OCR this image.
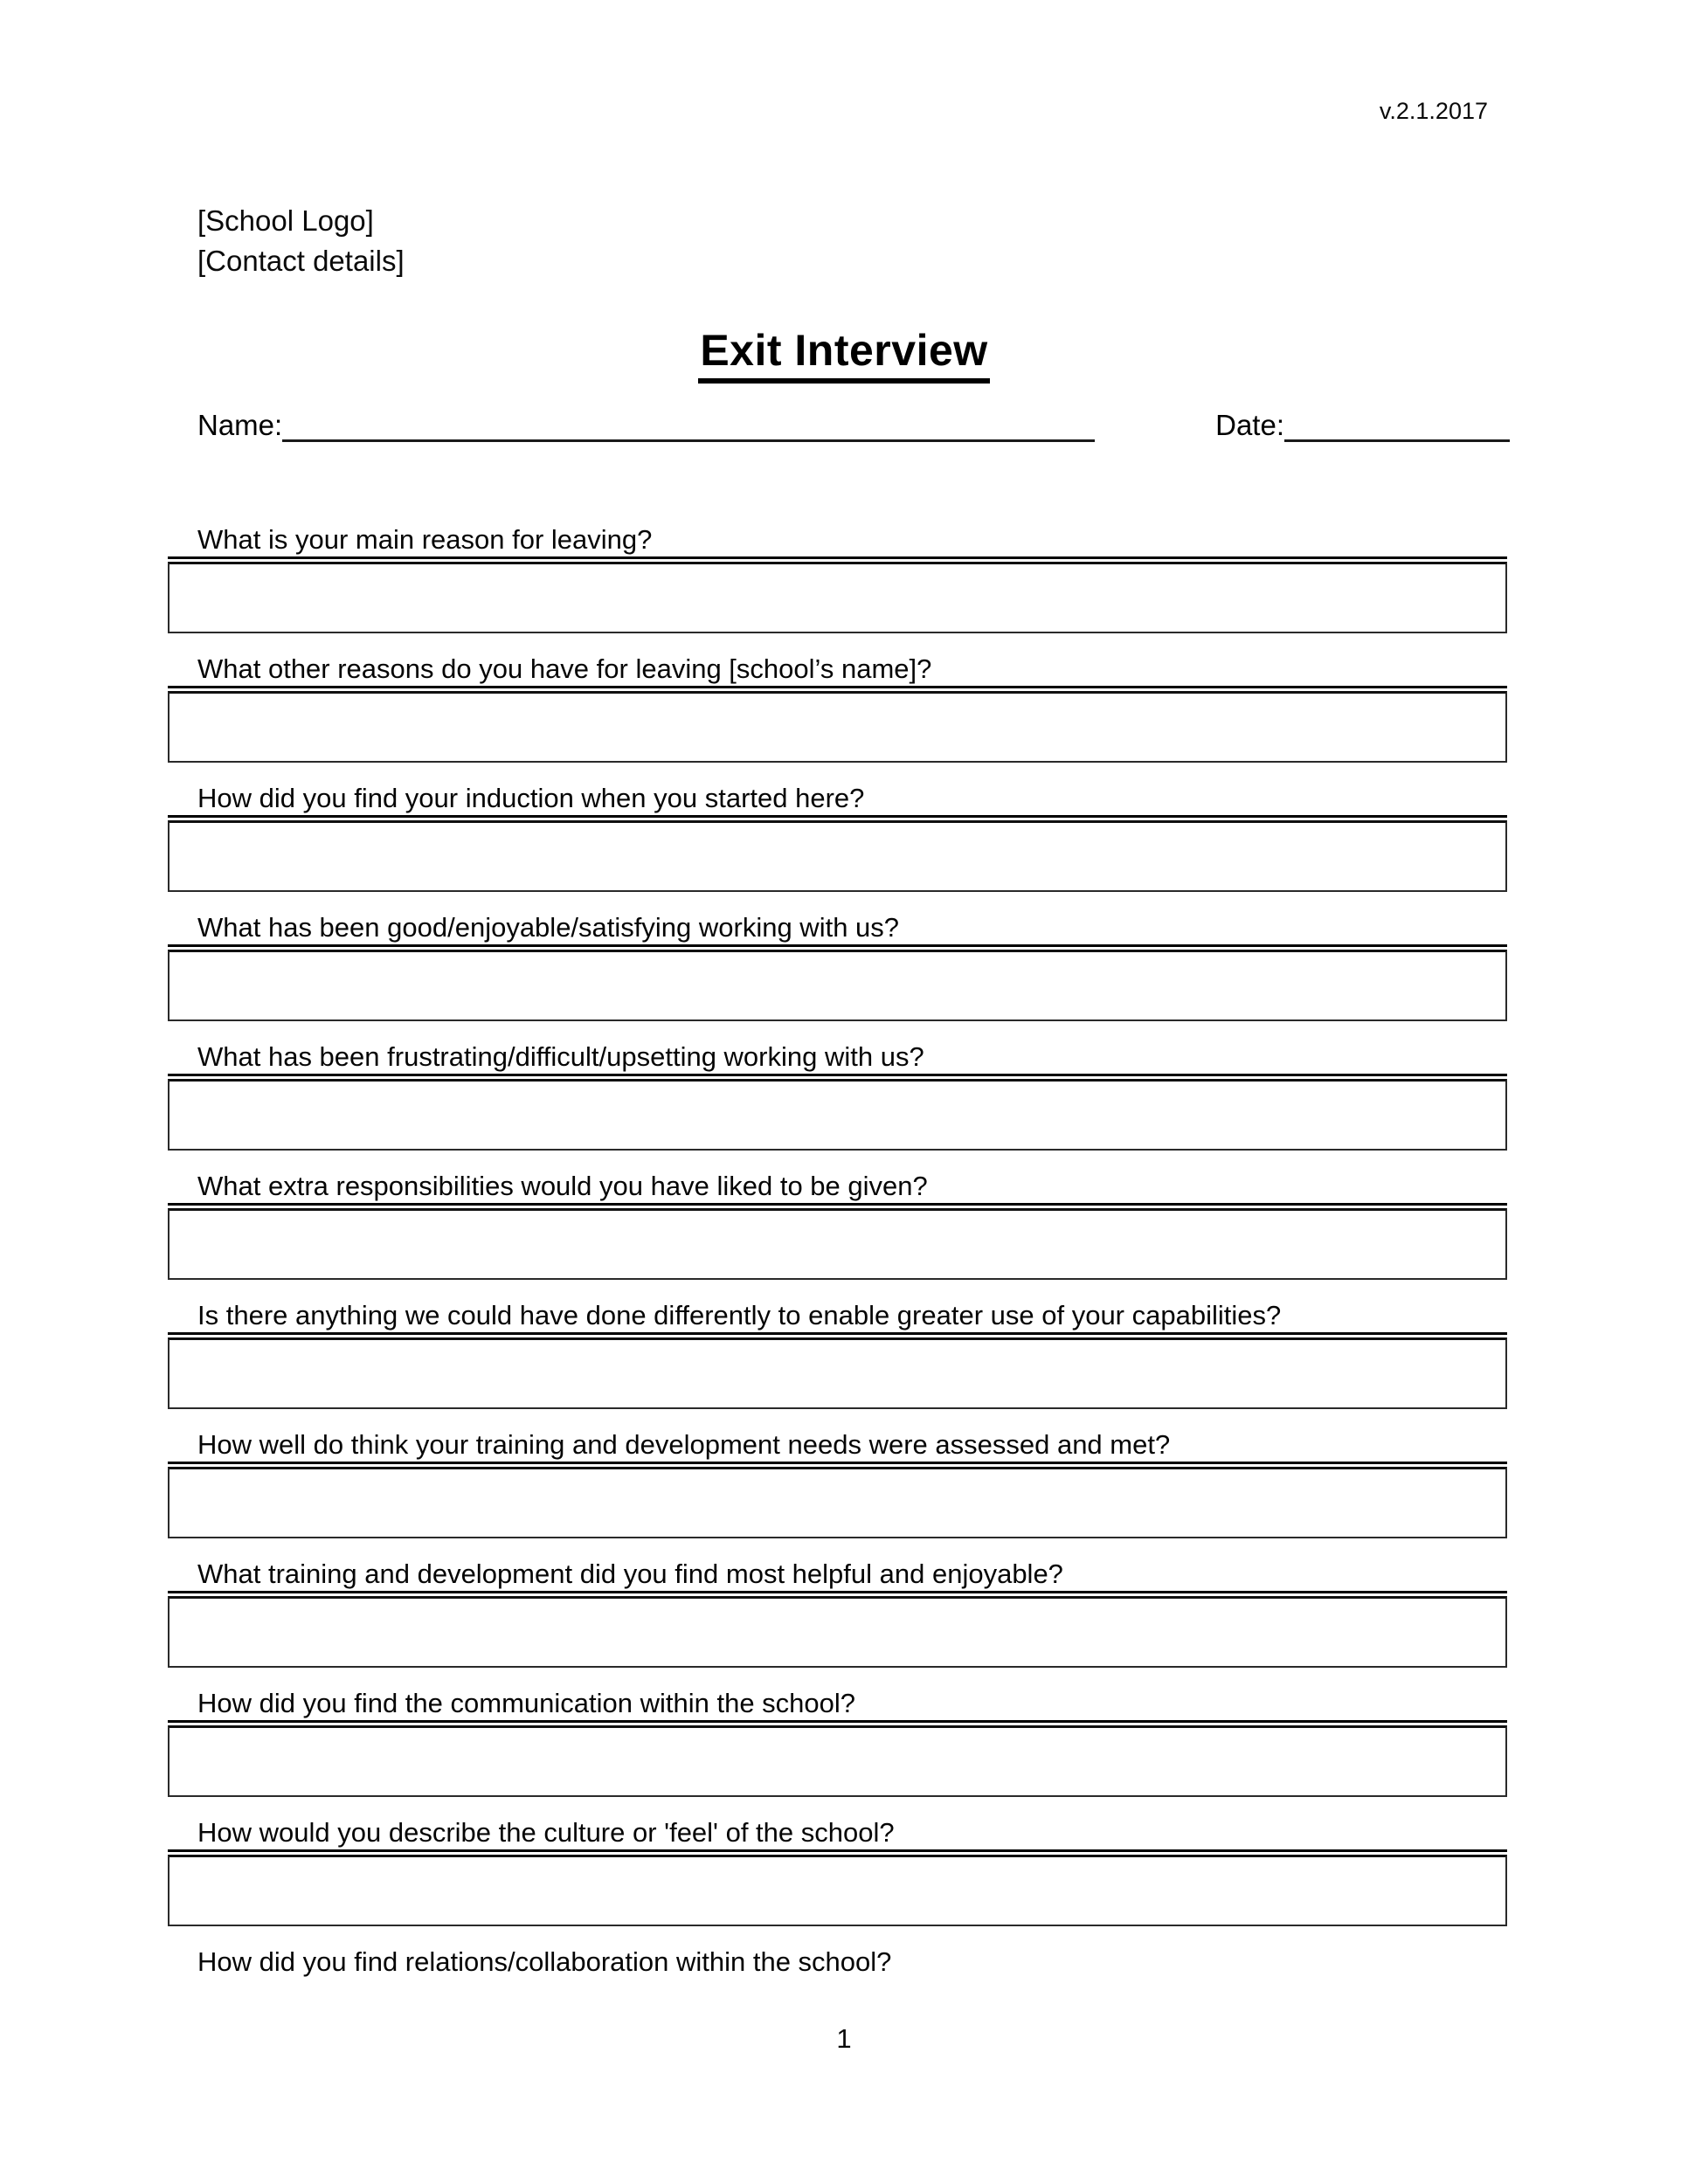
v.2.1.2017
[School Logo]
[Contact details]
Exit Interview
Name:	Date:
What is your main reason for leaving?
What other reasons do you have for leaving [school’s name]?
How did you find your induction when you started here?
What has been good/enjoyable/satisfying working with us?
What has been frustrating/difficult/upsetting working with us?
What extra responsibilities would you have liked to be given?
Is there anything we could have done differently to enable greater use of your capabilities?
How well do think your training and development needs were assessed and met?
What training and development did you find most helpful and enjoyable?
How did you find the communication within the school?
How would you describe the culture or 'feel' of the school?
How did you find relations/collaboration within the school?
1
